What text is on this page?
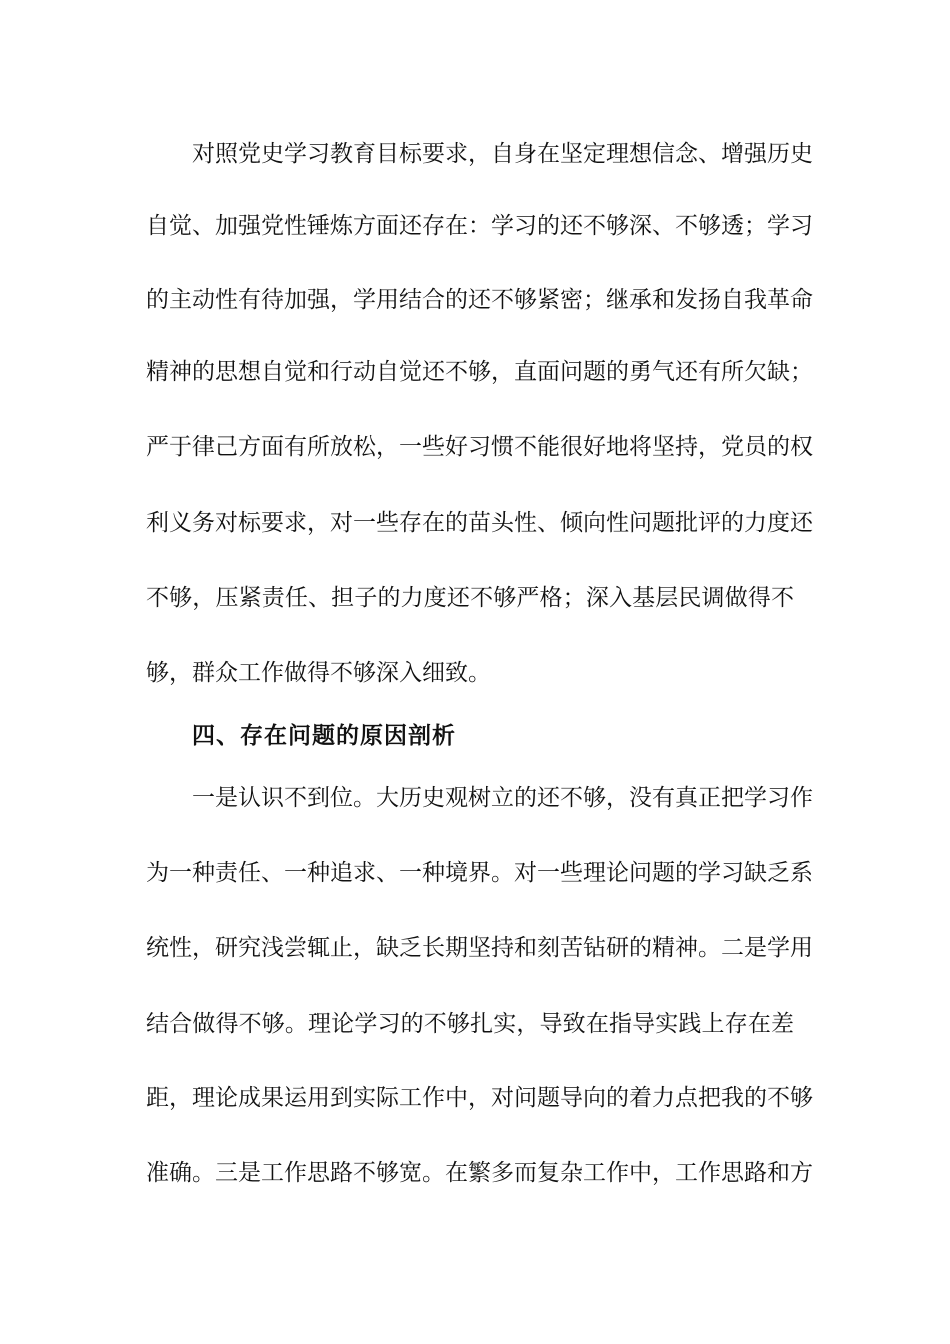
对照党史学习教育目标要求，自身在坚定理想信念、增强历史
自觉、加强党性锤炼方面还存在：学习的还不够深、不够透；学习
的主动性有待加强，学用结合的还不够紧密；继承和发扬自我革命
精神的思想自觉和行动自觉还不够，直面问题的勇气还有所欠缺；
严于律己方面有所放松，一些好习惯不能很好地将坚持，党员的权
利义务对标要求，对一些存在的苗头性、倾向性问题批评的力度还
不够，压紧责任、担子的力度还不够严格；深入基层民调做得不
够，群众工作做得不够深入细致。
四、存在问题的原因剖析
一是认识不到位。大历史观树立的还不够，没有真正把学习作
为一种责任、一种追求、一种境界。对一些理论问题的学习缺乏系
统性，研究浅尝辄止，缺乏长期坚持和刻苦钻研的精神。二是学用
结合做得不够。理论学习的不够扎实，导致在指导实践上存在差
距，理论成果运用到实际工作中，对问题导向的着力点把我的不够
准确。三是工作思路不够宽。在繁多而复杂工作中，工作思路和方
